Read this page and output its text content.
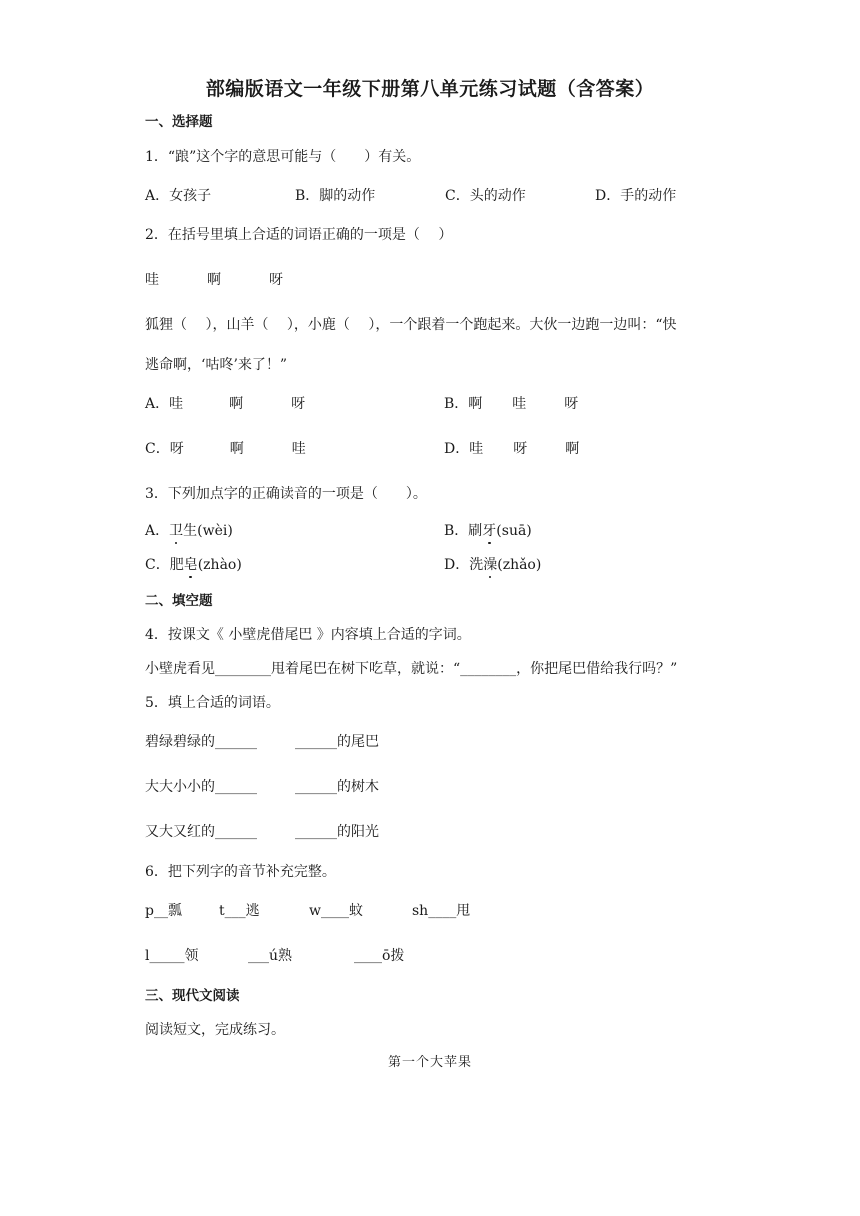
部编版语文一年级下册第八单元练习试题（含答案）
一、选择题
1．“踉”这个字的意思可能与（　　）有关。
A．女孩子	B．脚的动作	C．头的动作	D．手的动作
2．在括号里填上合适的词语正确的一项是（　 ）
哇	啊	呀
狐狸（　 ），山羊（　 ），小鹿（　 ），一个跟着一个跑起来。大伙一边跑一边叫：“快
逃命啊，‘咕咚’来了！”
A．哇	啊	呀	B．啊 哇	呀
C．呀	啊	哇	D．哇 呀	啊
3．下列加点字的正确读音的一项是（　　）。
A．卫生(wèi)	B．刷牙(suā)
C．肥皂(zhào)	D．洗澡(zhǎo)
二、填空题
4．按课文《 小壁虎借尾巴 》内容填上合适的字词。
小壁虎看见________甩着尾巴在树下吃草，就说：“________，你把尾巴借给我行吗？”
5．填上合适的词语。
碧绿碧绿的______	______的尾巴
大大小小的______	______的树木
又大又红的______	______的阳光
6．把下列字的音节补充完整。
p__瓢	t___逃	w____蚊	sh____甩
l_____领	___ú熟	____ō拨
三、现代文阅读
阅读短文，完成练习。
第一个大苹果
